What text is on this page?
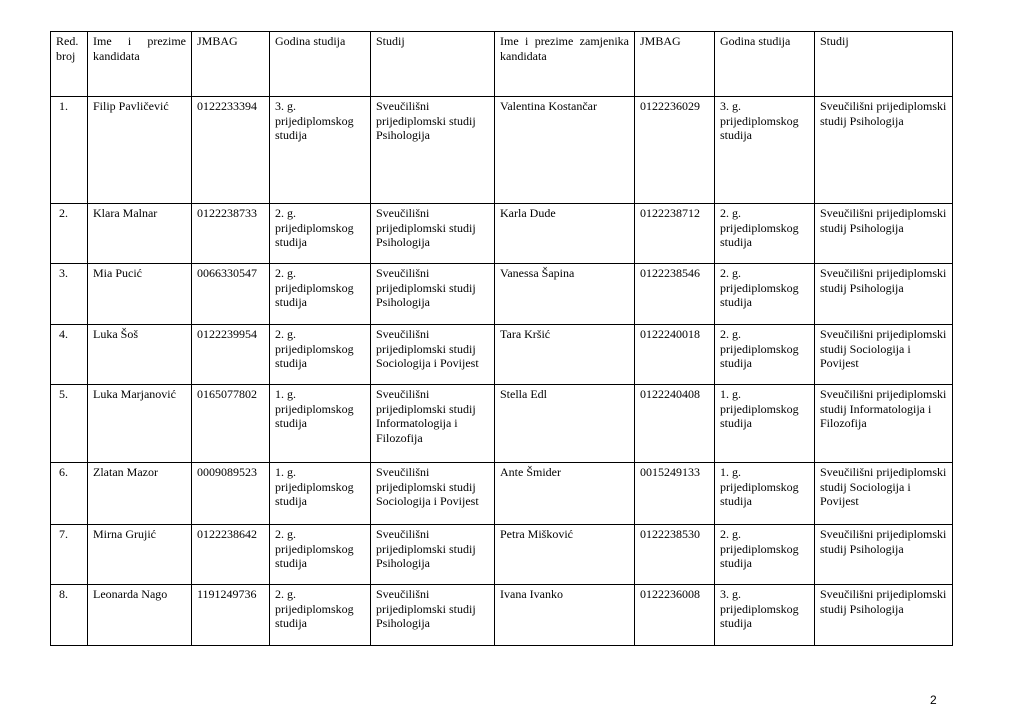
Red. broj	Ime i prezime kandidata	JMBAG	Godina studija	Studij	Ime i prezime zamjenika kandidata	JMBAG	Godina studija	Studij
1.	Filip Pavličević	0122233394	3. g. prijediplomskog studija	Sveučilišni prijediplomski studij Psihologija	Valentina Kostančar	0122236029	3. g. prijediplomskog studija	Sveučilišni prijediplomski studij Psihologija
2.	Klara Malnar	0122238733	2. g. prijediplomskog studija	Sveučilišni prijediplomski studij Psihologija	Karla Dude	0122238712	2. g. prijediplomskog studija	Sveučilišni prijediplomski studij Psihologija
3.	Mia Pucić	0066330547	2. g. prijediplomskog studija	Sveučilišni prijediplomski studij Psihologija	Vanessa Šapina	0122238546	2. g. prijediplomskog studija	Sveučilišni prijediplomski studij Psihologija
4.	Luka Šoš	0122239954	2. g. prijediplomskog studija	Sveučilišni prijediplomski studij Sociologija i Povijest	Tara Kršić	0122240018	2. g. prijediplomskog studija	Sveučilišni prijediplomski studij Sociologija i Povijest
5.	Luka Marjanović	0165077802	1. g. prijediplomskog studija	Sveučilišni prijediplomski studij Informatologija i Filozofija	Stella Edl	0122240408	1. g. prijediplomskog studija	Sveučilišni prijediplomski studij Informatologija i Filozofija
6.	Zlatan Mazor	0009089523	1. g. prijediplomskog studija	Sveučilišni prijediplomski studij Sociologija i Povijest	Ante Šmider	0015249133	1. g. prijediplomskog studija	Sveučilišni prijediplomski studij Sociologija i Povijest
7.	Mirna Grujić	0122238642	2. g. prijediplomskog studija	Sveučilišni prijediplomski studij Psihologija	Petra Mišković	0122238530	2. g. prijediplomskog studija	Sveučilišni prijediplomski studij Psihologija
8.	Leonarda Nago	1191249736	2. g. prijediplomskog studija	Sveučilišni prijediplomski studij Psihologija	Ivana Ivanko	0122236008	3. g. prijediplomskog studija	Sveučilišni prijediplomski studij Psihologija
2
